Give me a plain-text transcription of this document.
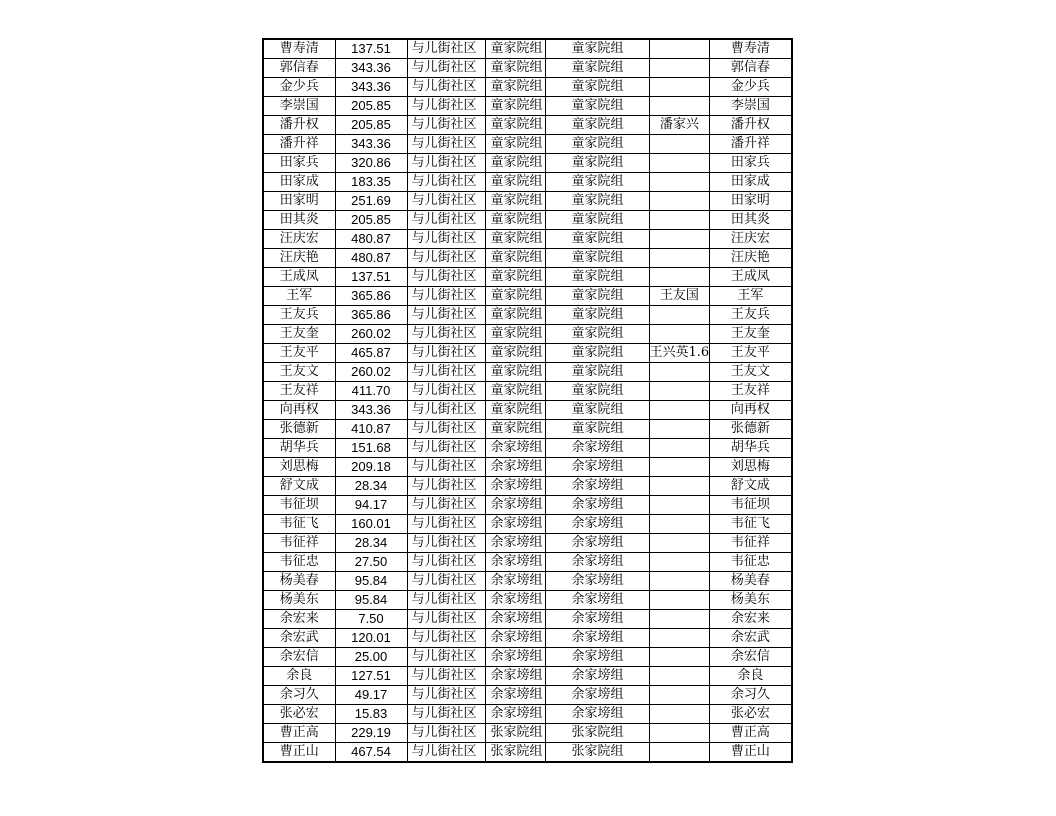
曹寿清	137.51	与儿街社区	童家院组	童家院组		曹寿清
郭信春	343.36	与儿街社区	童家院组	童家院组		郭信春
金少兵	343.36	与儿街社区	童家院组	童家院组		金少兵
李崇国	205.85	与儿街社区	童家院组	童家院组		李崇国
潘升权	205.85	与儿街社区	童家院组	童家院组	潘家兴	潘升权
潘升祥	343.36	与儿街社区	童家院组	童家院组		潘升祥
田家兵	320.86	与儿街社区	童家院组	童家院组		田家兵
田家成	183.35	与儿街社区	童家院组	童家院组		田家成
田家明	251.69	与儿街社区	童家院组	童家院组		田家明
田其炎	205.85	与儿街社区	童家院组	童家院组		田其炎
汪庆宏	480.87	与儿街社区	童家院组	童家院组		汪庆宏
汪庆艳	480.87	与儿街社区	童家院组	童家院组		汪庆艳
王成凤	137.51	与儿街社区	童家院组	童家院组		王成凤
王军	365.86	与儿街社区	童家院组	童家院组	王友国	王军
王友兵	365.86	与儿街社区	童家院组	童家院组		王友兵
王友奎	260.02	与儿街社区	童家院组	童家院组		王友奎
王友平	465.87	与儿街社区	童家院组	童家院组	王兴英1.6	王友平
王友文	260.02	与儿街社区	童家院组	童家院组		王友文
王友祥	411.70	与儿街社区	童家院组	童家院组		王友祥
向再权	343.36	与儿街社区	童家院组	童家院组		向再权
张德新	410.87	与儿街社区	童家院组	童家院组		张德新
胡华兵	151.68	与儿街社区	余家塝组	余家塝组		胡华兵
刘思梅	209.18	与儿街社区	余家塝组	余家塝组		刘思梅
舒文成	28.34	与儿街社区	余家塝组	余家塝组		舒文成
韦征坝	94.17	与儿街社区	余家塝组	余家塝组		韦征坝
韦征飞	160.01	与儿街社区	余家塝组	余家塝组		韦征飞
韦征祥	28.34	与儿街社区	余家塝组	余家塝组		韦征祥
韦征忠	27.50	与儿街社区	余家塝组	余家塝组		韦征忠
杨美春	95.84	与儿街社区	余家塝组	余家塝组		杨美春
杨美东	95.84	与儿街社区	余家塝组	余家塝组		杨美东
余宏来	7.50	与儿街社区	余家塝组	余家塝组		余宏来
余宏武	120.01	与儿街社区	余家塝组	余家塝组		余宏武
余宏信	25.00	与儿街社区	余家塝组	余家塝组		余宏信
余良	127.51	与儿街社区	余家塝组	余家塝组		余良
余习久	49.17	与儿街社区	余家塝组	余家塝组		余习久
张必宏	15.83	与儿街社区	余家塝组	余家塝组		张必宏
曹正高	229.19	与儿街社区	张家院组	张家院组		曹正高
曹正山	467.54	与儿街社区	张家院组	张家院组		曹正山
